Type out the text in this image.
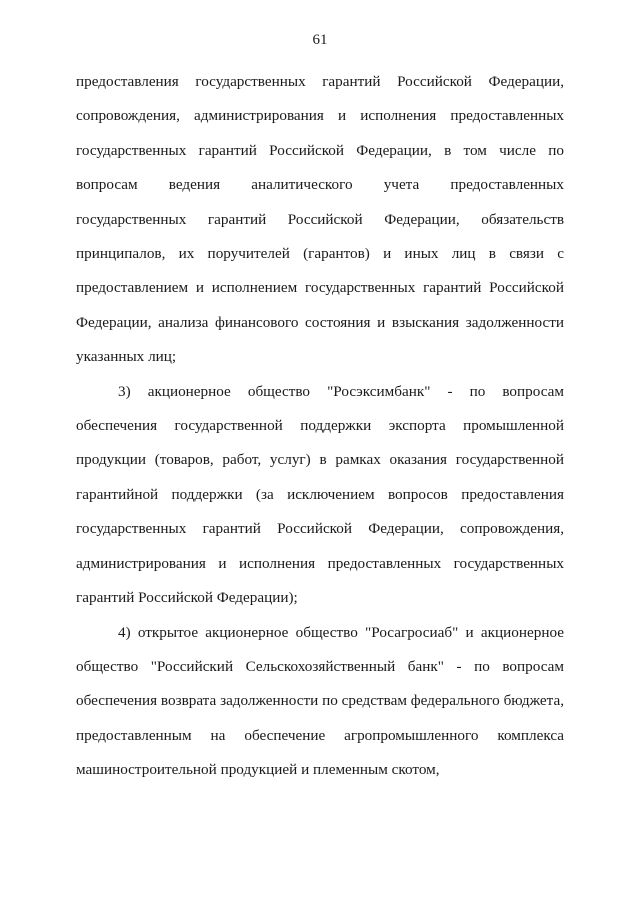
61

предоставления государственных гарантий Российской Федерации, сопровождения, администрирования и исполнения предоставленных государственных гарантий Российской Федерации, в том числе по вопросам ведения аналитического учета предоставленных государственных гарантий Российской Федерации, обязательств принципалов, их поручителей (гарантов) и иных лиц в связи с предоставлением и исполнением государственных гарантий Российской Федерации, анализа финансового состояния и взыскания задолженности указанных лиц;

3) акционерное общество "Росэксимбанк" - по вопросам обеспечения государственной поддержки экспорта промышленной продукции (товаров, работ, услуг) в рамках оказания государственной гарантийной поддержки (за исключением вопросов предоставления государственных гарантий Российской Федерации, сопровождения, администрирования и исполнения предоставленных государственных гарантий Российской Федерации);

4) открытое акционерное общество "Росагросиаб" и акционерное общество "Российский Сельскохозяйственный банк" - по вопросам обеспечения возврата задолженности по средствам федерального бюджета, предоставленным на обеспечение агропромышленного комплекса машиностроительной продукцией и племенным скотом,
